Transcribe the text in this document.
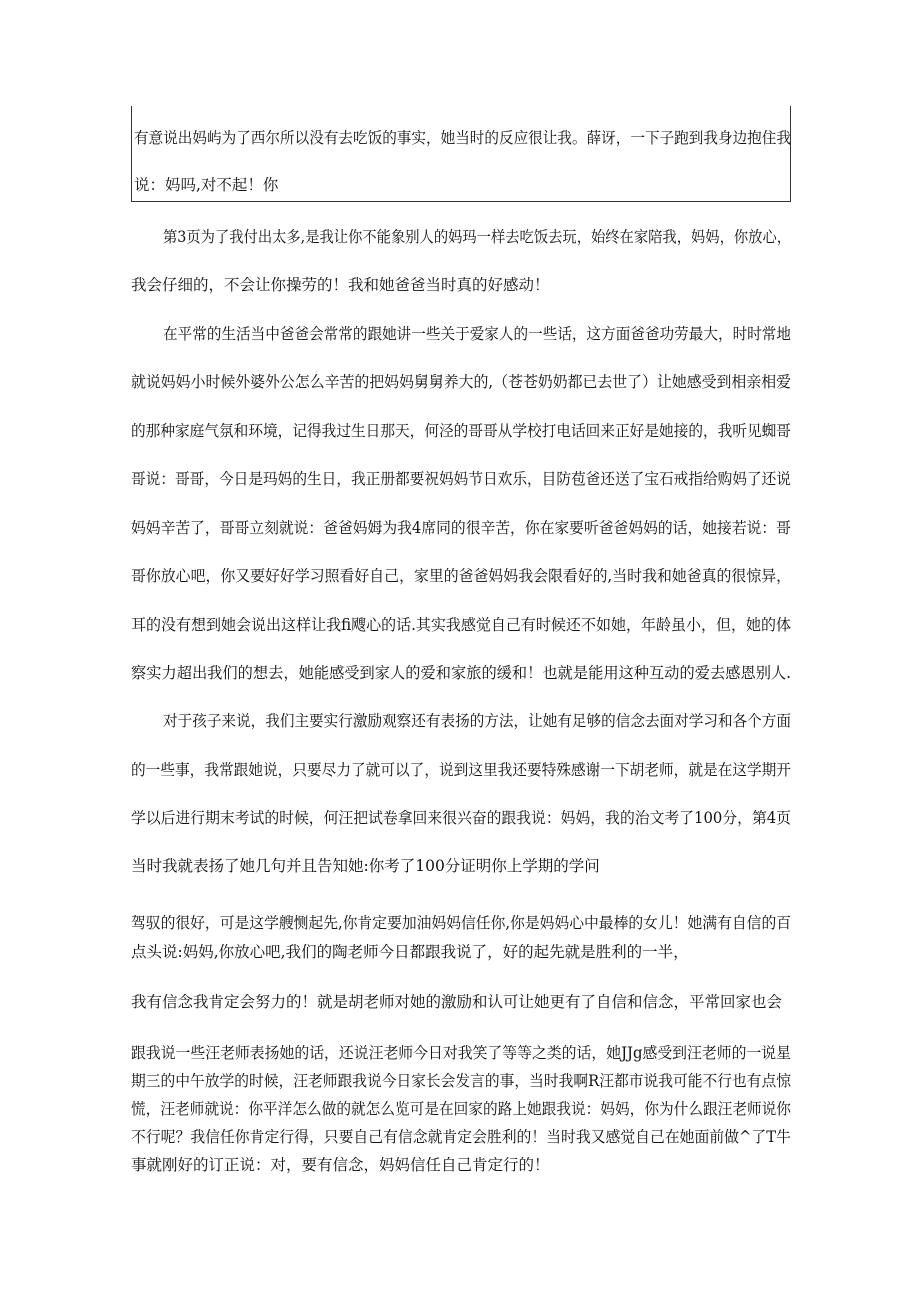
有意说出妈屿为了西尔所以没有去吃饭的事实，她当时的反应很让我。薛讶，一下子跑到我身边抱住我
说：妈吗,对不起！你
第3页为了我付出太多,是我让你不能象别人的妈玛一样去吃饭去玩，始终在家陪我，妈妈，你放心，
我会仔细的，不会让你操劳的！我和她爸爸当时真的好感动！
在平常的生活当中爸爸会常常的跟她讲一些关于爱家人的一些话，这方面爸爸功劳最大，时时常地
就说妈妈小时候外婆外公怎么辛苦的把妈妈舅舅养大的,（苍苍奶奶都已去世了）让她感受到相亲相爱
的那种家庭气氛和环境，记得我过生日那天，何泾的哥哥从学校打电话回来正好是她接的，我听见蜘哥
哥说：哥哥，今日是玛妈的生日，我正册都要祝妈妈节日欢乐，目防苞爸还送了宝石戒指给购妈了还说
妈妈辛苦了，哥哥立刻就说：爸爸妈姆为我4席同的很辛苦，你在家要听爸爸妈妈的话，她接若说：哥
哥你放心吧，你又要好好学习照看好自己，家里的爸爸妈妈我会限看好的,当时我和她爸真的很惊异，
耳的没有想到她会说出这样让我fi飕心的话.其实我感觉自己有时候还不如她，年龄虽小，但，她的体
察实力超出我们的想去，她能感受到家人的爱和家旅的缓和！也就是能用这种互动的爱去感恩别人.
对于孩子来说，我们主要实行激励观察还有表扬的方法，让她有足够的信念去面对学习和各个方面
的一些事，我常跟她说，只要尽力了就可以了，说到这里我还要特殊感谢一下胡老师，就是在这学期开
学以后进行期末考试的时候，何汪把试卷拿回来很兴奋的跟我说：妈妈，我的治文考了100分，第4页
当时我就表扬了她几句并且告知她:你考了100分证明你上学期的学问
驾驭的很好，可是这学艘恻起先,你肯定要加油妈妈信任你,你是妈妈心中最棒的女儿！她满有自信的百
点头说:妈妈,你放心吧,我们的陶老师今日都跟我说了，好的起先就是胜利的一半，
我有信念我肯定会努力的！就是胡老师对她的激励和认可让她更有了自信和信念，平常回家也会
跟我说一些汪老师表扬她的话，还说汪老师今日对我笑了等等之类的话，她JJg感受到汪老师的一说星
期三的中午放学的时候，汪老师跟我说今日家长会发言的事，当时我啊R汪都市说我可能不行也有点惊
慌，汪老师就说：你平洋怎么做的就怎么览可是在回家的路上她跟我说：妈妈，你为什么跟汪老师说你
不行呢？我信任你肯定行得，只要自己有信念就肯定会胜利的！当时我又感觉自己在她面前做^了T牛
事就刚好的订正说：对，要有信念，妈妈信任自己肯定行的！
